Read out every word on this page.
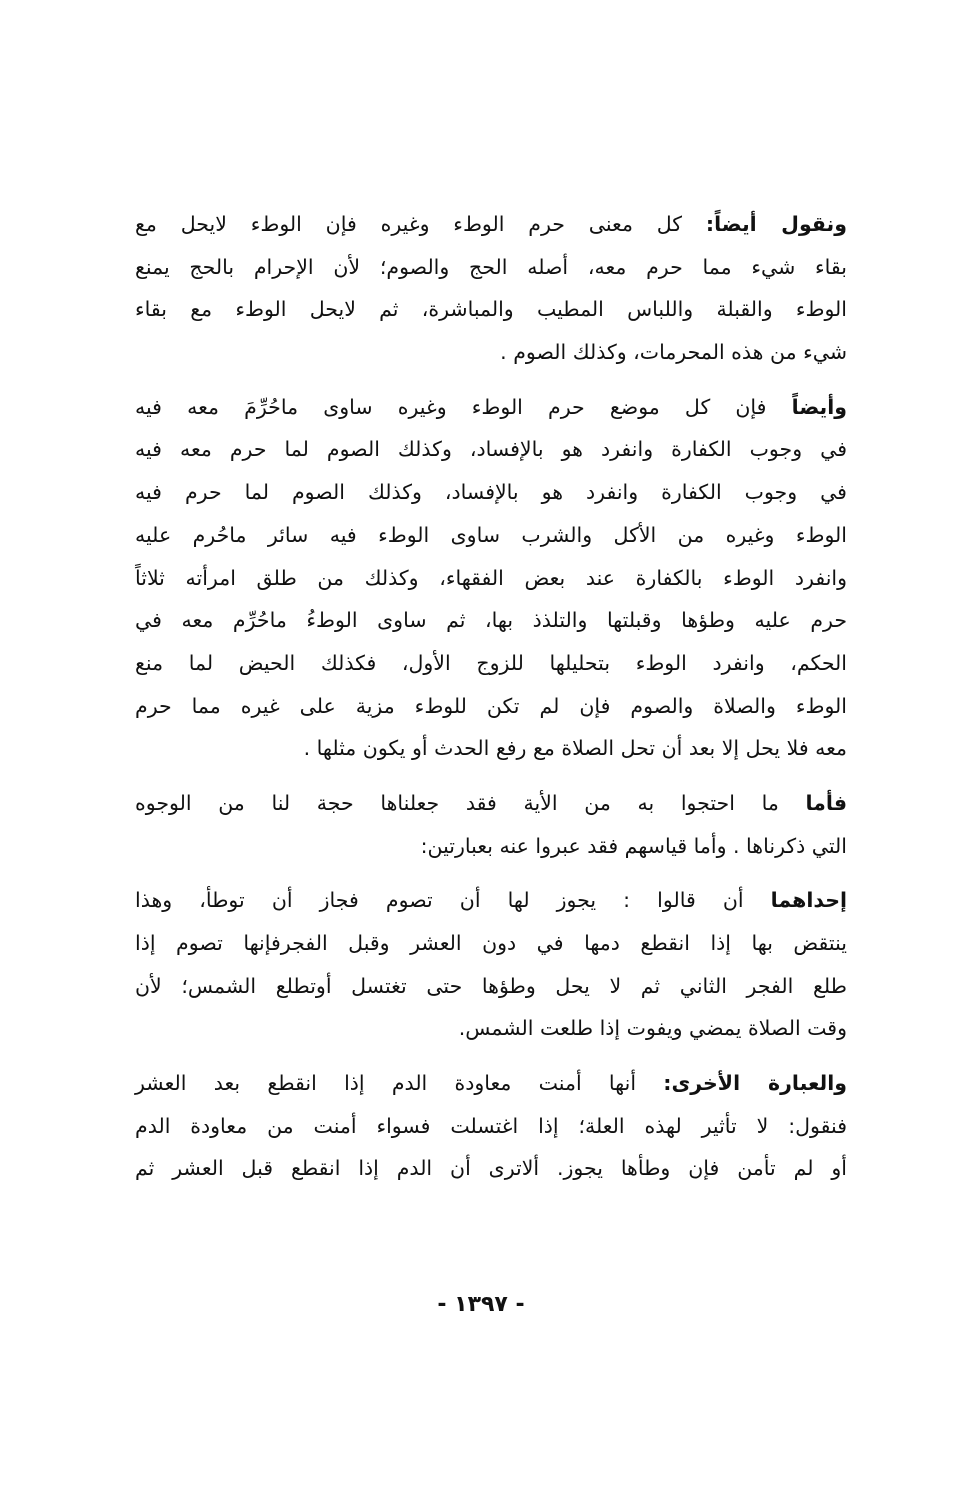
ونقول أيضاً: كل معنى حرم الوطء وغيره فإن الوطء لايحل مع
بقاء شيء مما حرم معه، أصله الحج والصوم؛ لأن الإحرام بالحج يمنع
الوطء والقبلة واللباس المطيب والمباشرة، ثم لايحل الوطء مع بقاء
شيء من هذه المحرمات، وكذلك الصوم .
وأيضاً فإن كل موضع حرم الوطء وغيره ساوى ماحُرِّمَ معه فيه
في وجوب الكفارة وانفرد هو بالإفساد، وكذلك الصوم لما حرم معه فيه
في وجوب الكفارة وانفرد هو بالإفساد، وكذلك الصوم لما حرم فيه
الوطء وغيره من الأكل والشرب ساوى الوطء فيه سائر ماحُرم عليه
وانفرد الوطء بالكفارة عند بعض الفقهاء، وكذلك من طلق امرأته ثلاثاً
حرم عليه وطؤها وقبلتها والتلذذ بها، ثم ساوى الوطءُ ماحُرِّم معه في
الحكم، وانفرد الوطء بتحليلها للزوج الأول، فكذلك الحيض لما منع
الوطء والصلاة والصوم فإن لم تكن للوطء مزية على غيره مما حرم
معه فلا يحل إلا بعد أن تحل الصلاة مع رفع الحدث أو يكون مثلها .
فأما ما احتجوا به من الأية فقد جعلناها حجة لنا من الوجوه
التي ذكرناها . وأما قياسهم فقد عبروا عنه بعبارتين:
إحداهما أن قالوا : يجوز لها أن تصوم فجاز أن توطأ، وهذا
ينتقض بها إذا انقطع دمها في دون العشر وقبل الفجرفإنها تصوم إذا
طلع الفجر الثاني ثم لا يحل وطؤها حتى تغتسل أوتطلع الشمس؛ لأن
وقت الصلاة يمضي ويفوت إذا طلعت الشمس.
والعبارة الأخرى: أنها أمنت معاودة الدم إذا انقطع بعد العشر
فنقول: لا تأثير لهذه العلة؛ إذا اغتسلت فسواء أمنت من معاودة الدم
أو لم تأمن فإن وطأها يجوز. ألاترى أن الدم إذا انقطع قبل العشر ثم
- ١٣٩٧ -
